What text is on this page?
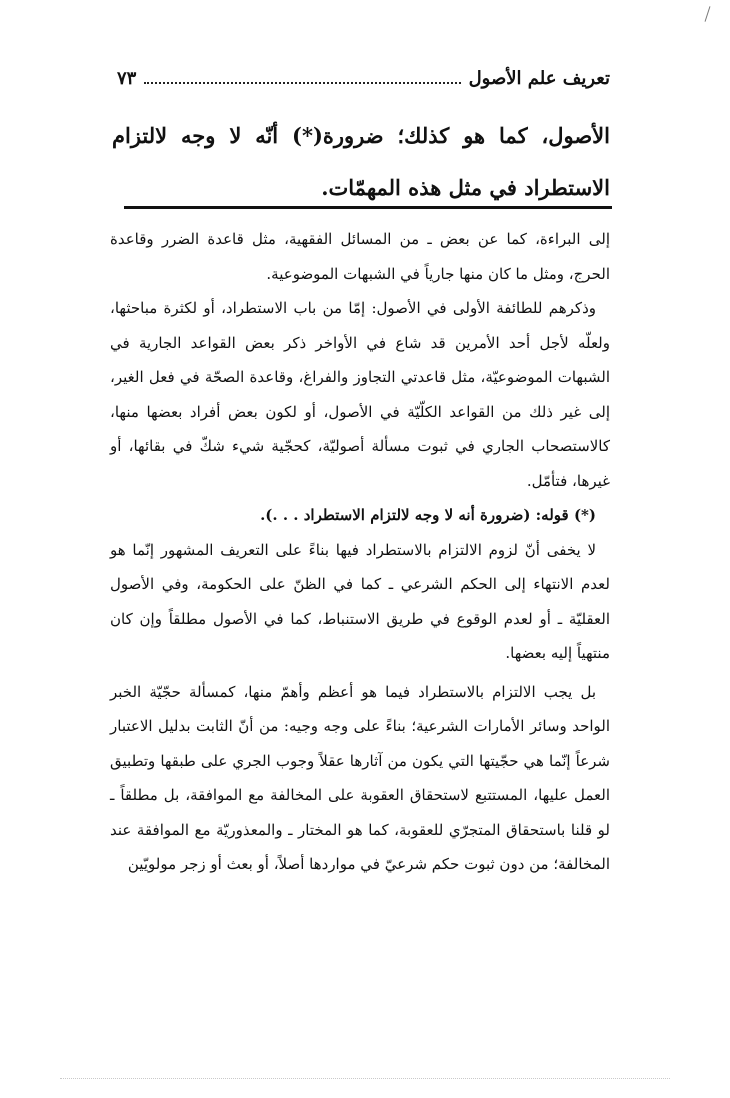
تعريف علم الأصول
٧٣

الأصول، كما هو كذلك؛ ضرورة(*) أنّه لا وجه لالتزام الاستطراد في مثل هذه المهمّات.

إلى البراءة، كما عن بعض ـ من المسائل الفقهية، مثل قاعدة الضرر وقاعدة الحرج، ومثل ما كان منها جارياً في الشبهات الموضوعية.

وذكرهم للطائفة الأولى في الأصول: إمّا من باب الاستطراد، أو لكثرة مباحثها، ولعلّه لأجل أحد الأمرين قد شاع في الأواخر ذكر بعض القواعد الجارية في الشبهات الموضوعيّة، مثل قاعدتي التجاوز والفراغ، وقاعدة الصحّة في فعل الغير، إلى غير ذلك من القواعد الكلّيّة في الأصول، أو لكون بعض أفراد بعضها منها، كالاستصحاب الجاري في ثبوت مسألة أصوليّة، كحجّية شيء شكّ في بقائها، أو غيرها، فتأمّل.

(*) قوله: (ضرورة أنه لا وجه لالتزام الاستطراد . . .).

لا يخفى أنّ لزوم الالتزام بالاستطراد فيها بناءً على التعريف المشهور إنّما هو لعدم الانتهاء إلى الحكم الشرعي ـ كما في الظنّ على الحكومة، وفي الأصول العقليّة ـ أو لعدم الوقوع في طريق الاستنباط، كما في الأصول مطلقاً وإن كان منتهياً إليه بعضها.

بل يجب الالتزام بالاستطراد فيما هو أعظم وأهمّ منها، كمسألة حجّيّة الخبر الواحد وسائر الأمارات الشرعية؛ بناءً على وجه وجيه: من أنّ الثابت بدليل الاعتبار شرعاً إنّما هي حجّيتها التي يكون من آثارها عقلاً وجوب الجري على طبقها وتطبيق العمل عليها، المستتبع لاستحقاق العقوبة على المخالفة مع الموافقة، بل مطلقاً ـ لو قلنا باستحقاق المتجرّي للعقوبة، كما هو المختار ـ والمعذوريّة مع الموافقة عند المخالفة؛ من دون ثبوت حكم شرعيّ في مواردها أصلاً، أو بعث أو زجر مولويّين
